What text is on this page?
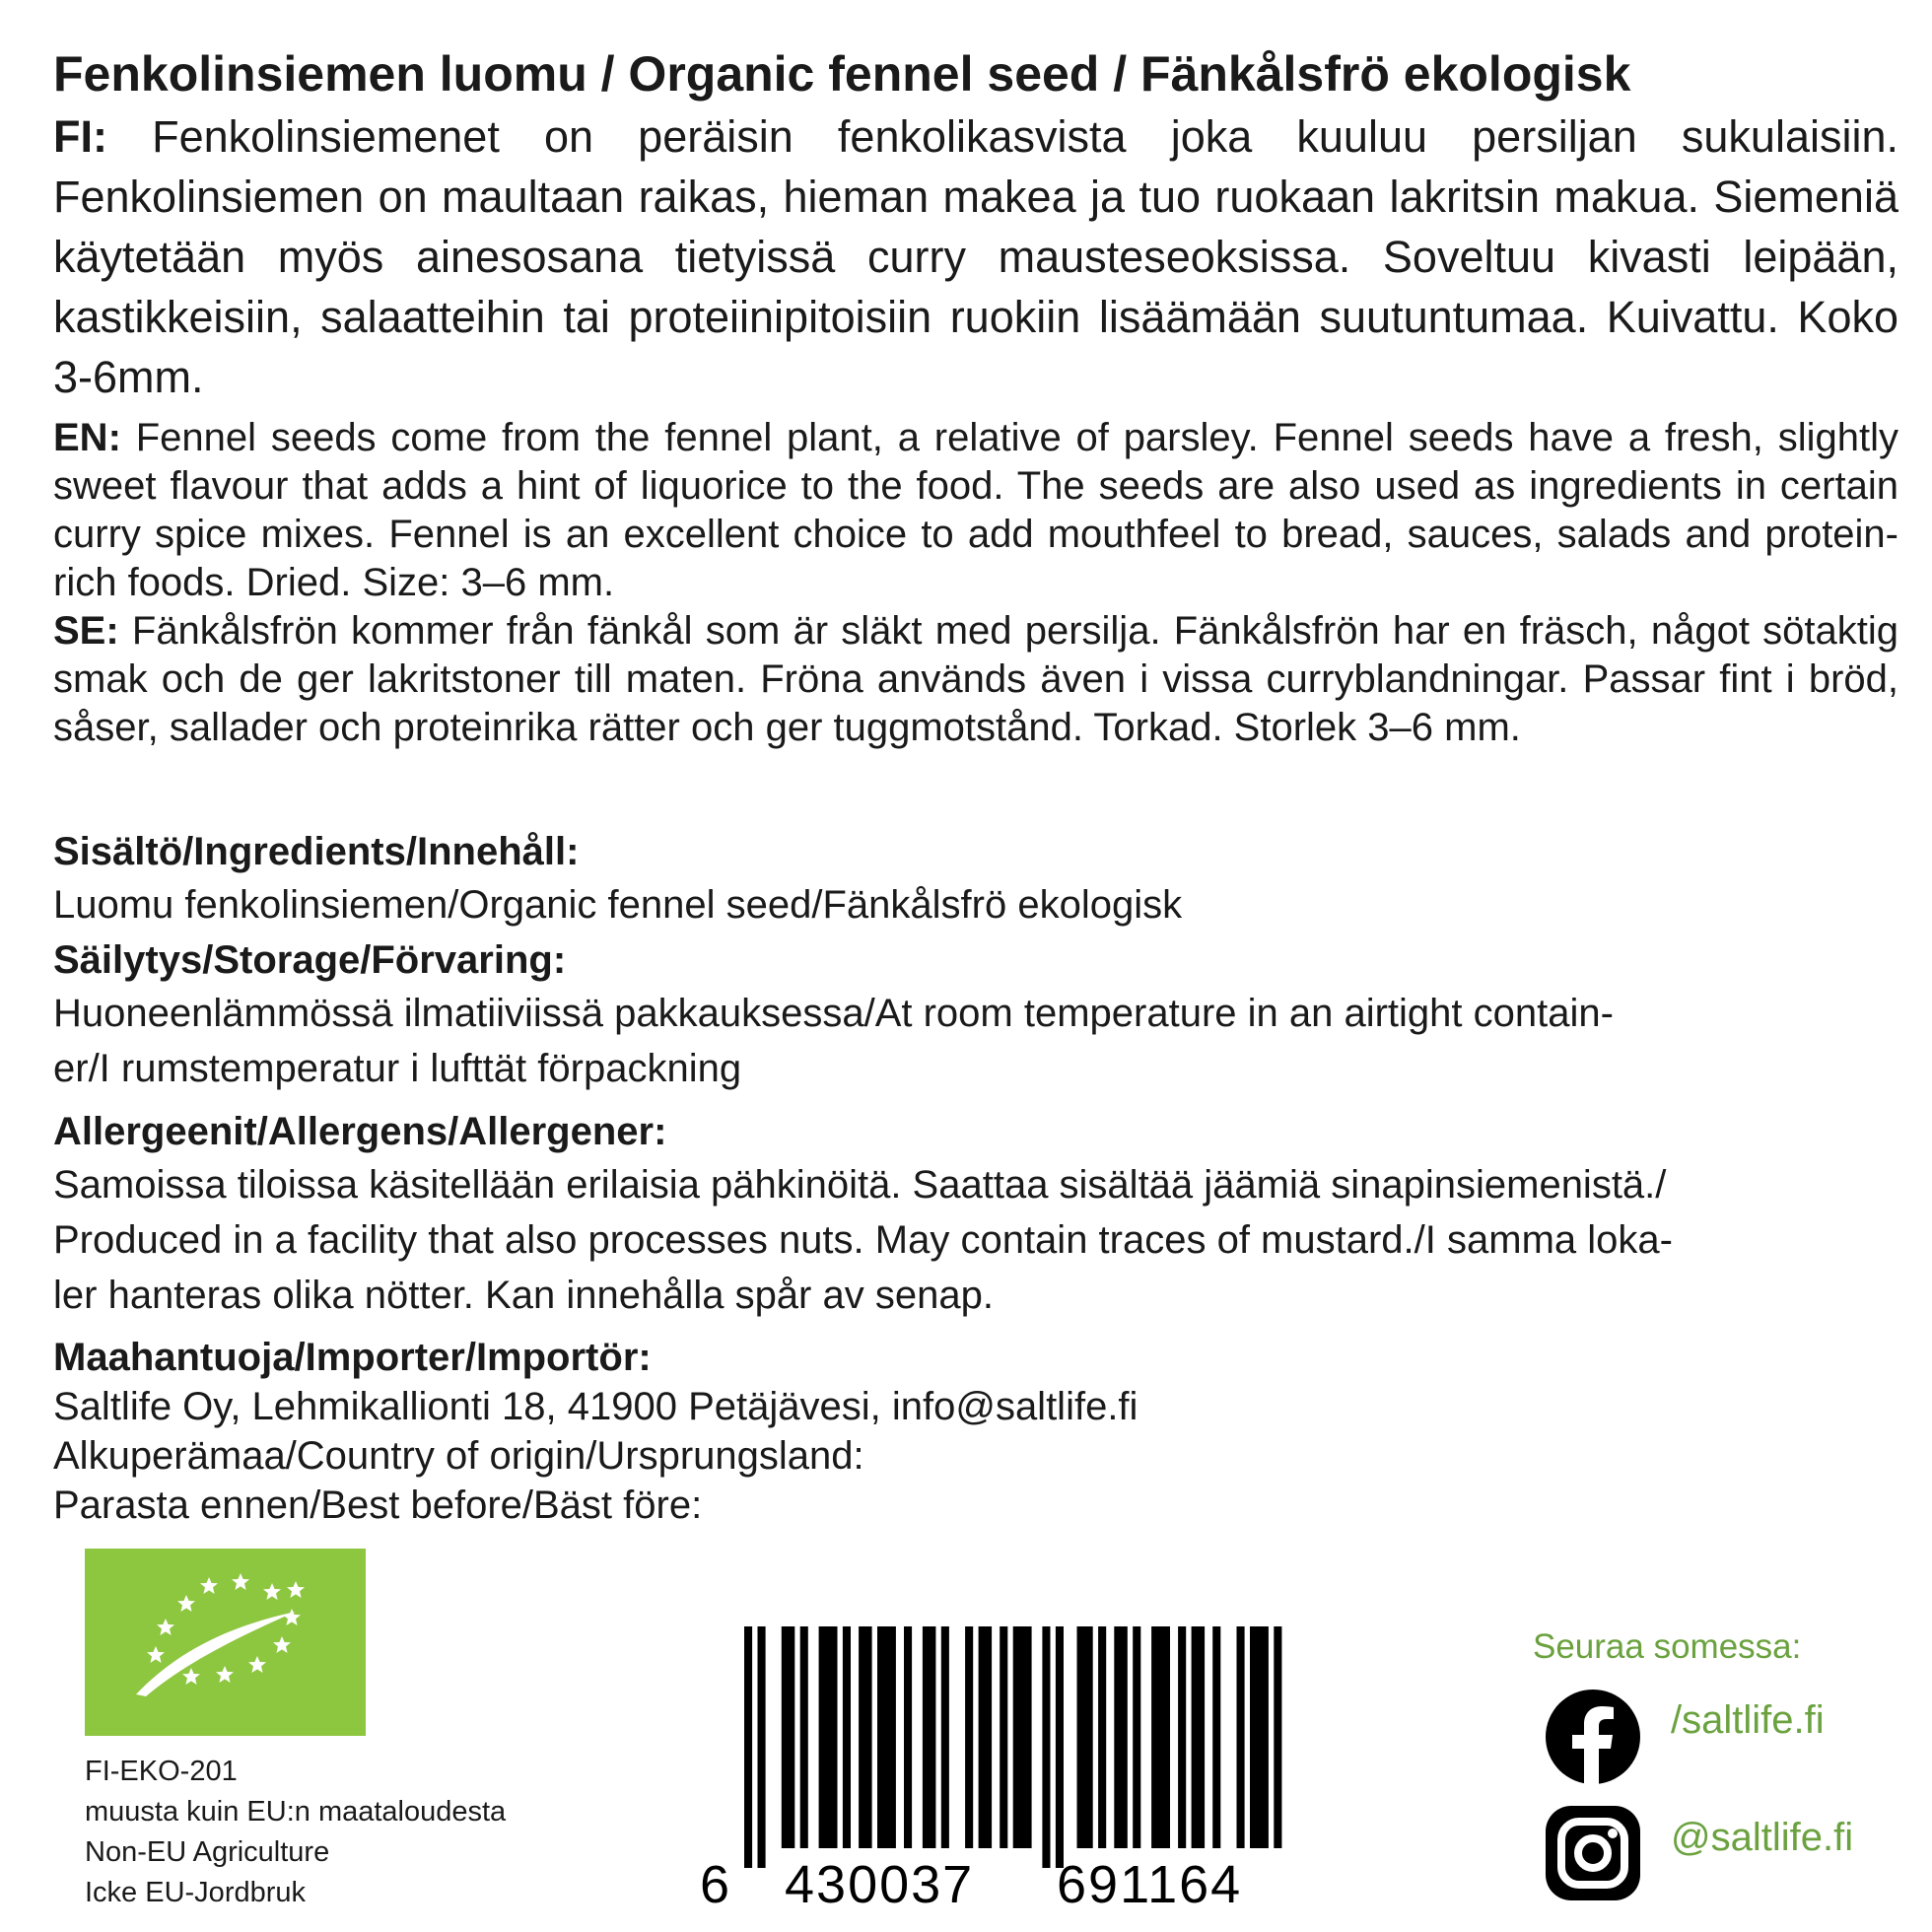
Fenkolinsiemen luomu / Organic fennel seed / Fänkålsfrö ekologisk
FI: Fenkolinsiemenet on peräisin fenkolikasvista joka kuuluu persiljan sukulaisiin. Fenkolinsiemen on maultaan raikas, hieman makea ja tuo ruokaan lakritsin makua. Siemeniä käytetään myös ainesosana tietyissä curry mausteseoksissa. Soveltuu kivasti leipään, kastikkeisiin, salaatteihin tai proteiinipitoisiin ruokiin lisäämään suutuntumaa. Kuivattu. Koko 3-6mm.
EN: Fennel seeds come from the fennel plant, a relative of parsley. Fennel seeds have a fresh, slightly sweet flavour that adds a hint of liquorice to the food. The seeds are also used as ingredients in certain curry spice mixes. Fennel is an excellent choice to add mouthfeel to bread, sauces, salads and protein-rich foods. Dried. Size: 3–6 mm.
SE: Fänkålsfrön kommer från fänkål som är släkt med persilja. Fänkålsfrön har en fräsch, något sötaktig smak och de ger lakritstoner till maten. Fröna används även i vissa curryblandningar. Passar fint i bröd, såser, sallader och proteinrika rätter och ger tuggmotstånd. Torkad. Storlek 3–6 mm.
Sisältö/Ingredients/Innehåll:
Luomu fenkolinsiemen/Organic fennel seed/Fänkålsfrö ekologisk
Säilytys/Storage/Förvaring:
Huoneenlämmössä ilmatiiviissä pakkauksessa/At room temperature in an airtight contain-
er/I rumstemperatur i lufttät förpackning
Allergeenit/Allergens/Allergener:
Samoissa tiloissa käsitellään erilaisia pähkinöitä. Saattaa sisältää jäämiä sinapinsiemenistä./
Produced in a facility that also processes nuts. May contain traces of mustard./I samma loka-
ler hanteras olika nötter. Kan innehålla spår av senap.
Maahantuoja/Importer/Importör:
Saltlife Oy, Lehmikallionti 18, 41900 Petäjävesi, info@saltlife.fi
Alkuperämaa/Country of origin/Ursprungsland:
Parasta ennen/Best before/Bäst före:
FI-EKO-201
muusta kuin EU:n maataloudesta
Non-EU Agriculture
Icke EU-Jordbruk	6 430037 691164
Seuraa somessa:
/saltlife.fi
@saltlife.fi
